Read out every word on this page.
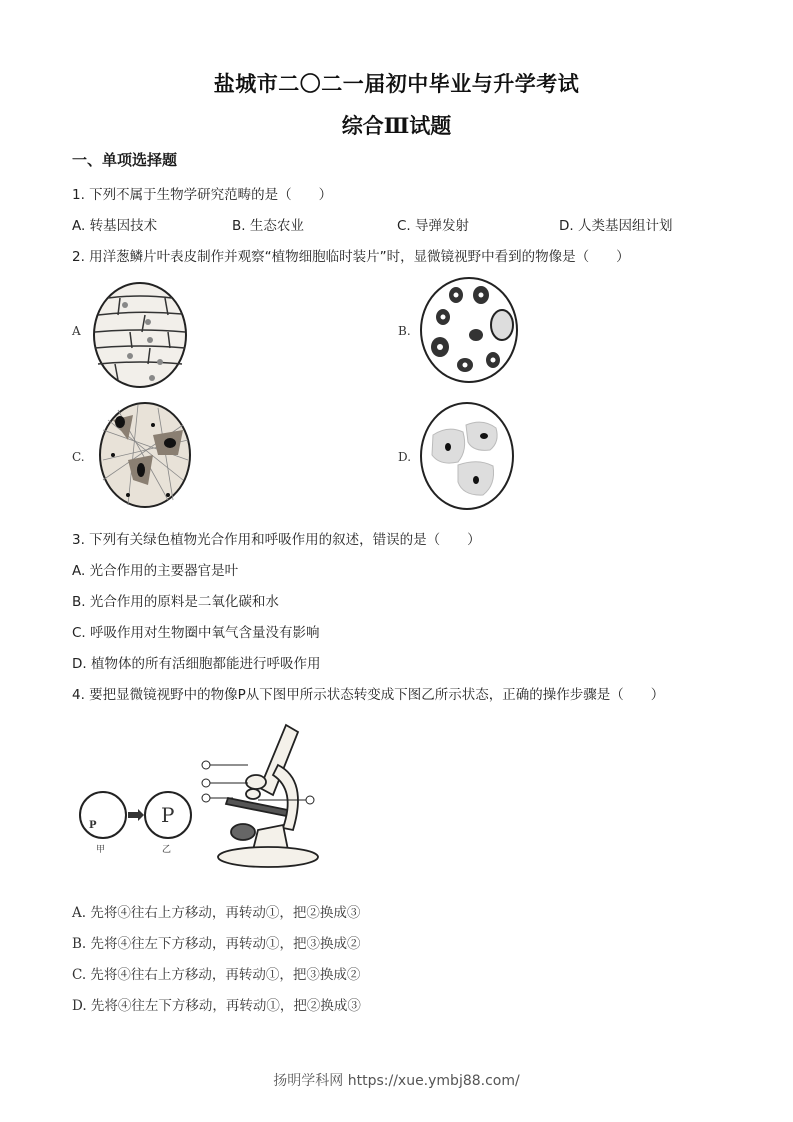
盐城市二〇二一届初中毕业与升学考试
综合Ⅲ试题
一、单项选择题
1. 下列不属于生物学研究范畴的是（　　）
A. 转基因技术	B. 生态农业	C. 导弹发射	D. 人类基因组计划
2. 用洋葱鳞片叶表皮制作并观察“植物细胞临时装片”时，显微镜视野中看到的物像是（　　）
A	B.
C.	D.
3. 下列有关绿色植物光合作用和呼吸作用的叙述，错误的是（　　）
A. 光合作用的主要器官是叶
B. 光合作用的原料是二氧化碳和水
C. 呼吸作用对生物圈中氧气含量没有影响
D. 植物体的所有活细胞都能进行呼吸作用
4. 要把显微镜视野中的物像P从下图甲所示状态转变成下图乙所示状态，正确的操作步骤是（　　）
P	P
甲	乙
A. 先将④往右上方移动，再转动①，把②换成③
B. 先将④往左下方移动，再转动①，把③换成②
C. 先将④往右上方移动，再转动①，把③换成②
D. 先将④往左下方移动，再转动①，把②换成③
扬明学科网 https://xue.ymbj88.com/
